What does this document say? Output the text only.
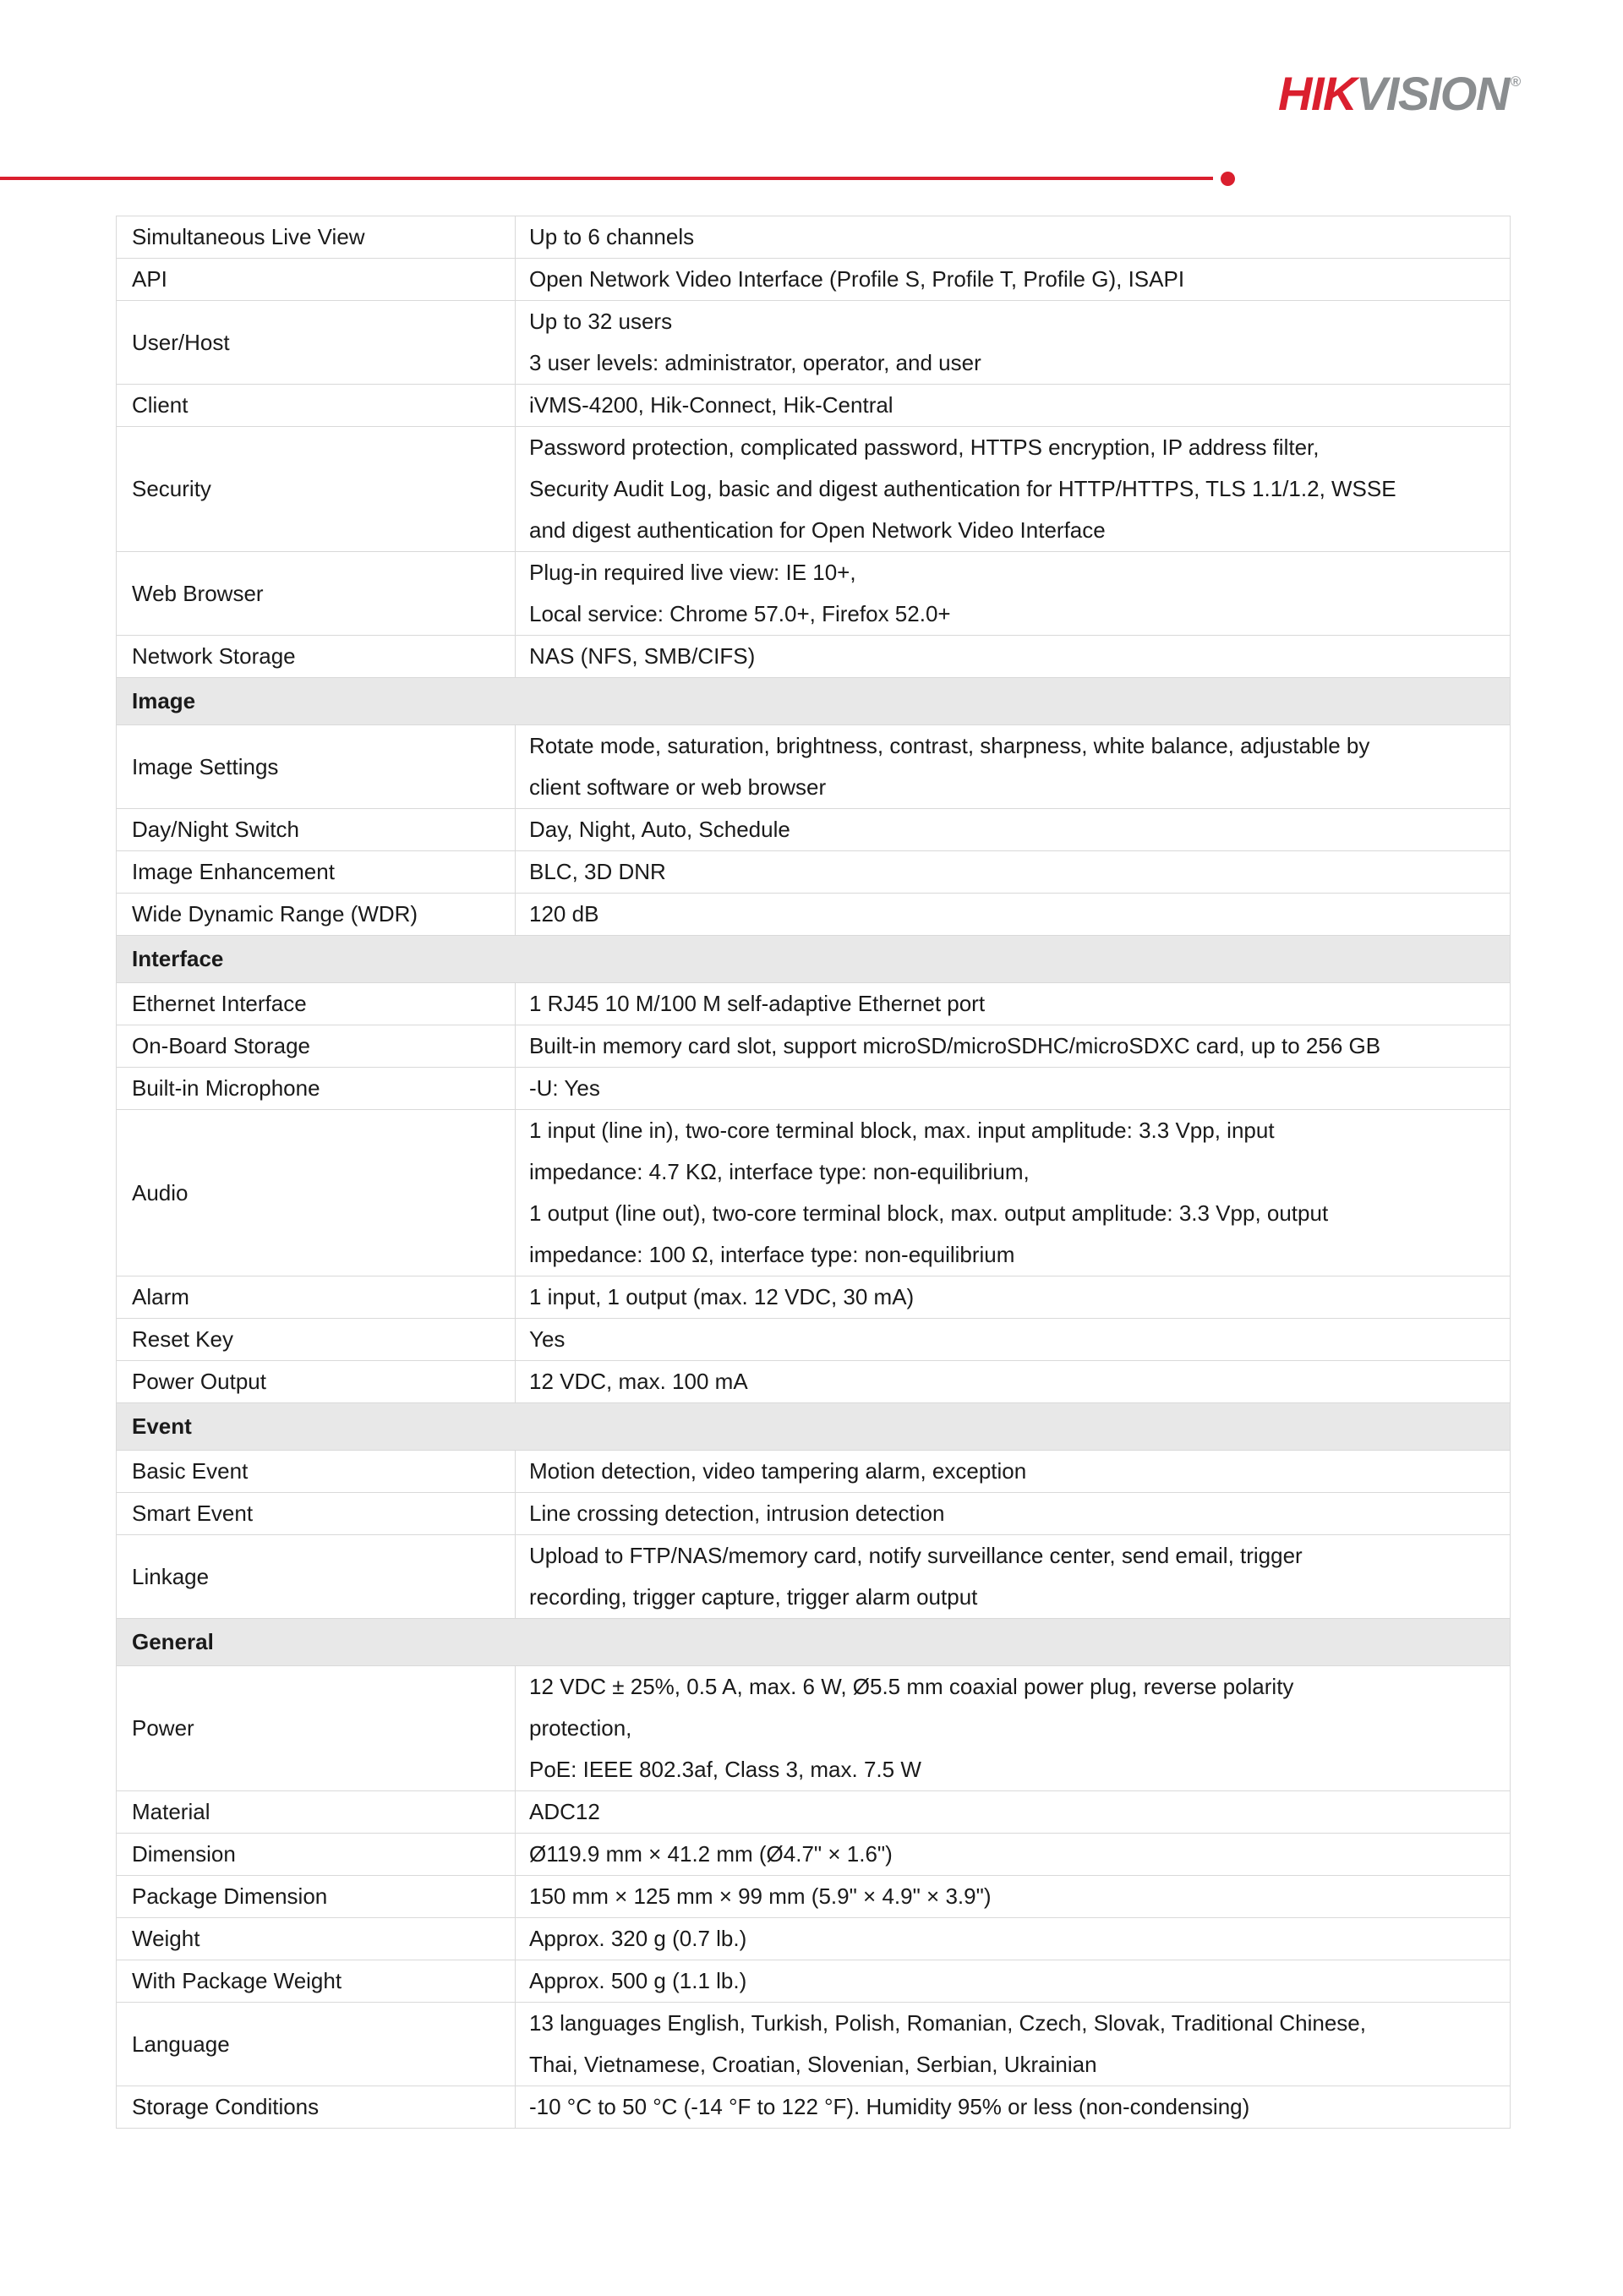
HIKVISION ®
Simultaneous Live View	Up to 6 channels

API	Open Network Video Interface (Profile S, Profile T, Profile G), ISAPI

User/Host	Up to 32 users
3 user levels: administrator, operator, and user

Client	iVMS-4200, Hik-Connect, Hik-Central

Security	Password protection, complicated password, HTTPS encryption, IP address filter,
Security Audit Log, basic and digest authentication for HTTP/HTTPS, TLS 1.1/1.2, WSSE
and digest authentication for Open Network Video Interface

Web Browser	Plug-in required live view: IE 10+,
Local service: Chrome 57.0+, Firefox 52.0+

Network Storage	NAS (NFS, SMB/CIFS)

Image	
Image Settings	Rotate mode, saturation, brightness, contrast, sharpness, white balance, adjustable by
client software or web browser

Day/Night Switch	Day, Night, Auto, Schedule

Image Enhancement	BLC, 3D DNR

Wide Dynamic Range (WDR)	120 dB

Interface	
Ethernet Interface	1 RJ45 10 M/100 M self-adaptive Ethernet port

On-Board Storage	Built-in memory card slot, support microSD/microSDHC/microSDXC card, up to 256 GB

Built-in Microphone	-U: Yes

Audio	1 input (line in), two-core terminal block, max. input amplitude: 3.3 Vpp, input
impedance: 4.7 KΩ, interface type: non-equilibrium,
1 output (line out), two-core terminal block, max. output amplitude: 3.3 Vpp, output
impedance: 100 Ω, interface type: non-equilibrium

Alarm	1 input, 1 output (max. 12 VDC, 30 mA)

Reset Key	Yes

Power Output	12 VDC, max. 100 mA

Event	
Basic Event	Motion detection, video tampering alarm, exception

Smart Event	Line crossing detection, intrusion detection

Linkage	Upload to FTP/NAS/memory card, notify surveillance center, send email, trigger
recording, trigger capture, trigger alarm output

General	
Power	12 VDC ± 25%, 0.5 A, max. 6 W, Ø5.5 mm coaxial power plug, reverse polarity
protection,
PoE: IEEE 802.3af, Class 3, max. 7.5 W

Material	ADC12

Dimension	Ø119.9 mm × 41.2 mm (Ø4.7" × 1.6")

Package Dimension	150 mm × 125 mm × 99 mm (5.9" × 4.9" × 3.9")

Weight	Approx. 320 g (0.7 lb.)

With Package Weight	Approx. 500 g (1.1 lb.)

Language	13 languages English, Turkish, Polish, Romanian, Czech, Slovak, Traditional Chinese,
Thai, Vietnamese, Croatian, Slovenian, Serbian, Ukrainian

Storage Conditions	-10 °C to 50 °C (-14 °F to 122 °F). Humidity 95% or less (non-condensing)
